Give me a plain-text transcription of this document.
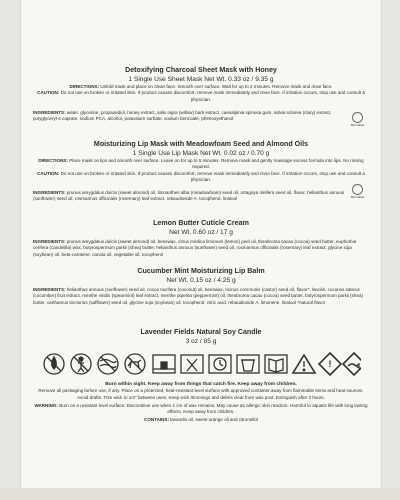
Detoxifying Charcoal Sheet Mask with Honey
1 Single Use Sheet Mask Net Wt. 0.33 oz / 9.35 g

DIRECTIONS: Unfold mask and place on clean face. Smooth over surface. Wait for up to 2 minutes. Remove mask and rinse face.

CAUTION: Do not use on broken or irritated skin. If product causes discomfort, remove mask immediately and rinse face. If irritation occurs, stop use and consult a physician.

INGREDIENTS: water, glycerine, propanediol, honey extract, salix nigra (willow) bark extract, caesalpinia spinosa gum, salvia sclarea (clary) extract, polyglyceryl-4 caprate, sodium PCA, alcohol, potassium sorbate, sodium benzoate, phenoxyethanol

Bioréfleck
Moisturizing Lip Mask with Meadowfoam Seed and Almond Oils
1 Single Use Lip Mask Net Wt. 0.02 oz / 0.70 g

DIRECTIONS: Place mask on lips and smooth over surface. Leave on for up to 5 minutes. Remove mask and gently massage excess formula into lips. No rinsing required.

CAUTION: Do not use on broken or irritated skin. If product causes discomfort, remove mask immediately and rinse face. If irritation occurs, stop use and consult a physician.

INGREDIENTS: prunus amygdalus dulcis (sweet almond) oil, limnanthes alba (meadowfoam) seed oil, ortagoya oleifera seed oil, flavor, helianthus annuus (sunflower) seed oil, rosmarinus officinalis (rosemary) leaf extract, rebaudioside A, tocopherol, linalool	Bioréfleck
Lemon Butter Cuticle Cream
Net Wt. 0.60 oz / 17 g

INGREDIENTS: prunus amygdalus dulcis (sweet almond) oil, beeswax, citrus medica limonum (lemon) peel oil, theobroma cacao (cocoa) seed butter, euphorbia cerifera (candelilla) wax, butyrospermum parkii (shea) butter, helianthus annuus (sunflower) seed oil, rosmarinus officinalis (rosemary) leaf extract, glycine soja (soybean) oil, beta-carotene, canola oil, vegetable oil, tocopherol

Cucumber Mint Moisturizing Lip Balm
Net Wt. 0.15 oz / 4.25 g

INGREDIENTS: helianthus annuus (sunflower) seed oil, cocos nucifera (coconut) oil, beeswax, ricinus communis (castor) seed oil, flavor*, lanolin, cucumis sativus (cucumber) fruit extract, menthe viridis (spearmint) leaf extract, menthe piperita (peppermint) oil, theobroma cacao (cocoa) seed butter, butyrospermum parkii (shea) butter, carthamus tinctorius (safflower) seed oil, glycine soja (soybean) oil, tocopherol, citric acid, rebaudioside A, limonene, linalool *natural flavor

Lavender Fields Natural Soy Candle
3 oz / 85 g
!

Burn within sight. Keep away from things that catch fire. Keep away from children.

Remove all packaging before use, if any. Place on a protected, heat-resistant level surface with approved container away from flammable items and heat sources. Avoid drafts. Trim wick to 1/4" between uses. Keep wick trimmings and debris clear from wax pool. Extinguish after 3 hours.

WARNING: Burn on a resistant level surface. Discontinue use when 1 cm of wax remains. May cause an allergic skin reaction. Harmful to aquatic life with long lasting effects. Keep away from children.

CONTAINS: lavandin oil, sweet orange oil and citronellol
